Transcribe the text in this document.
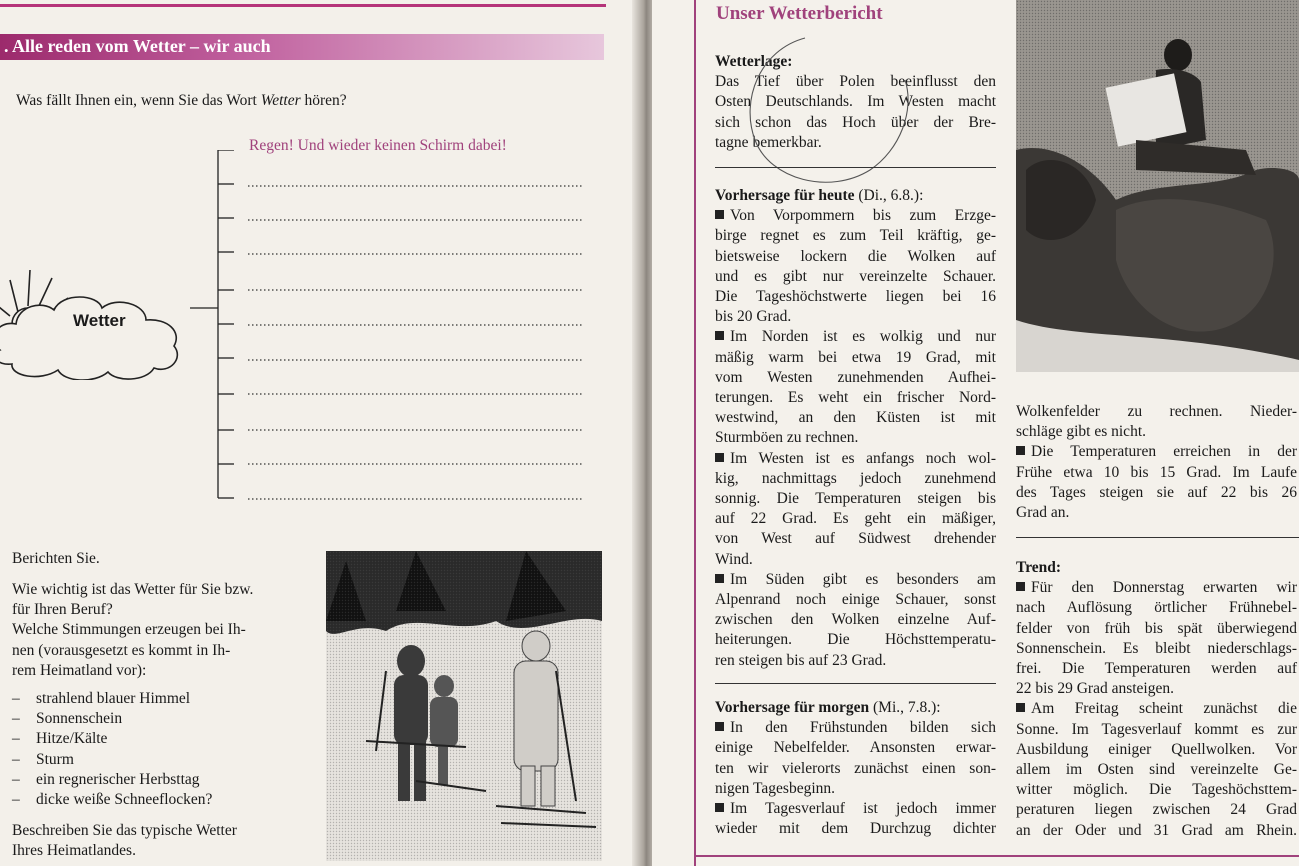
. Alle reden vom Wetter – wir auch
Was fällt Ihnen ein, wenn Sie das Wort Wetter hören?
Wetter
Regen! Und wieder keinen Schirm dabei!
Berichten Sie.
Wie wichtig ist das Wetter für Sie bzw.
für Ihren Beruf?
Welche Stimmungen erzeugen bei Ih-
nen (vorausgesetzt es kommt in Ih-
rem Heimatland vor):
– strahlend blauer Himmel
– Sonnenschein
– Hitze/Kälte
– Sturm
– ein regnerischer Herbsttag
– dicke weiße Schneeflocken?
Beschreiben Sie das typische Wetter
Ihres Heimatlandes.
Unser Wetterbericht
Wetterlage:
Das Tief über Polen beeinflusst den
Osten Deutschlands. Im Westen macht
sich schon das Hoch über der Bre-
tagne bemerkbar.
Vorhersage für heute (Di., 6.8.):
Von Vorpommern bis zum Erzge-
birge regnet es zum Teil kräftig, ge-
bietsweise lockern die Wolken auf
und es gibt nur vereinzelte Schauer.
Die Tageshöchstwerte liegen bei 16
bis 20 Grad.
Im Norden ist es wolkig und nur
mäßig warm bei etwa 19 Grad, mit
vom Westen zunehmenden Aufhei-
terungen. Es weht ein frischer Nord-
westwind, an den Küsten ist mit
Sturmböen zu rechnen.
Im Westen ist es anfangs noch wol-
kig, nachmittags jedoch zunehmend
sonnig. Die Temperaturen steigen bis
auf 22 Grad. Es geht ein mäßiger,
von West auf Südwest drehender
Wind.
Im Süden gibt es besonders am
Alpenrand noch einige Schauer, sonst
zwischen den Wolken einzelne Auf-
heiterungen. Die Höchsttemperatu-
ren steigen bis auf 23 Grad.
Vorhersage für morgen (Mi., 7.8.):
In den Frühstunden bilden sich
einige Nebelfelder. Ansonsten erwar-
ten wir vielerorts zunächst einen son-
nigen Tagesbeginn.
Im Tagesverlauf ist jedoch immer
wieder mit dem Durchzug dichter
Wolkenfelder zu rechnen. Nieder-
schläge gibt es nicht.
Die Temperaturen erreichen in der
Frühe etwa 10 bis 15 Grad. Im Laufe
des Tages steigen sie auf 22 bis 26
Grad an.
Trend:
Für den Donnerstag erwarten wir
nach Auflösung örtlicher Frühnebel-
felder von früh bis spät überwiegend
Sonnenschein. Es bleibt niederschlags-
frei. Die Temperaturen werden auf
22 bis 29 Grad ansteigen.
Am Freitag scheint zunächst die
Sonne. Im Tagesverlauf kommt es zur
Ausbildung einiger Quellwolken. Vor
allem im Osten sind vereinzelte Ge-
witter möglich. Die Tageshöchsttem-
peraturen liegen zwischen 24 Grad
an der Oder und 31 Grad am Rhein.
